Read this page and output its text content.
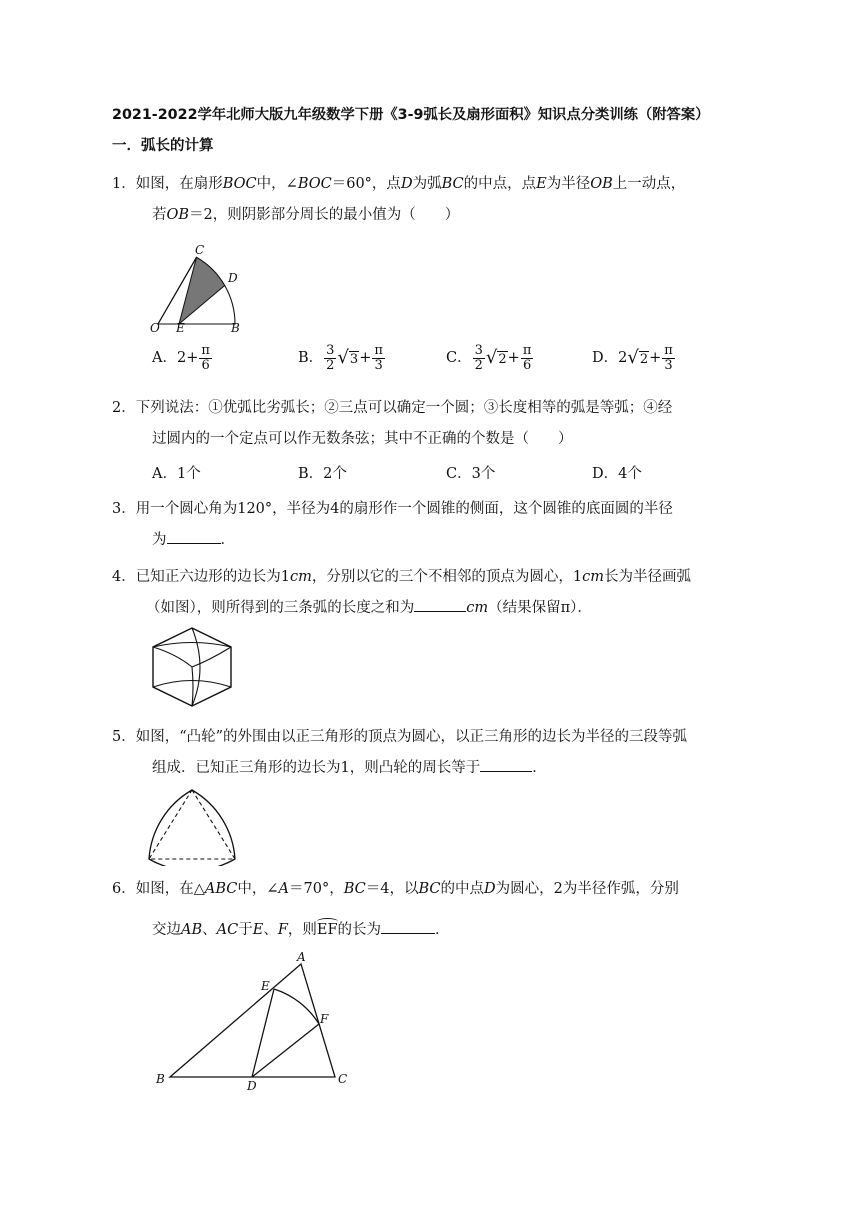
2021-2022学年北师大版九年级数学下册《3-9弧长及扇形面积》知识点分类训练（附答案）
一．弧长的计算
1．如图，在扇形BOC中，∠BOC＝60°，点D为弧BC的中点，点E为半径OB上一动点，
若OB＝2，则阴影部分周长的最小值为（　　）
C
D
O E	B
A．$2+ \frac{\pi}{6}$	B． $\frac{3}{2}$ √ $3 + \frac{\pi}{3}$	C． $\frac{3}{2}$ √ $2 + \frac{\pi}{6}$	D．2 √ $2 + \frac{\pi}{3}$
2．下列说法：①优弧比劣弧长；②三点可以确定一个圆；③长度相等的弧是等弧；④经
过圆内的一个定点可以作无数条弦；其中不正确的个数是（　　）
A．1个	B．2个	C．3个	D．4个
3．用一个圆心角为120°，半径为4的扇形作一个圆锥的侧面，这个圆锥的底面圆的半径
为	．
4．已知正六边形的边长为1cm，分别以它的三个不相邻的顶点为圆心，1cm长为半径画弧
（如图），则所得到的三条弧的长度之和为	cm（结果保留π）．
5．如图，“凸轮”的外围由以正三角形的顶点为圆心，以正三角形的边长为半径的三段等弧
组成．已知正三角形的边长为1，则凸轮的周长等于	．
6．如图，在△ABC中，∠A＝70°，BC＝4，以BC的中点D为圆心，2为半径作弧，分别
交边AB、AC于E、F，则
EF的长为	．
A
E
F
B	D	C
